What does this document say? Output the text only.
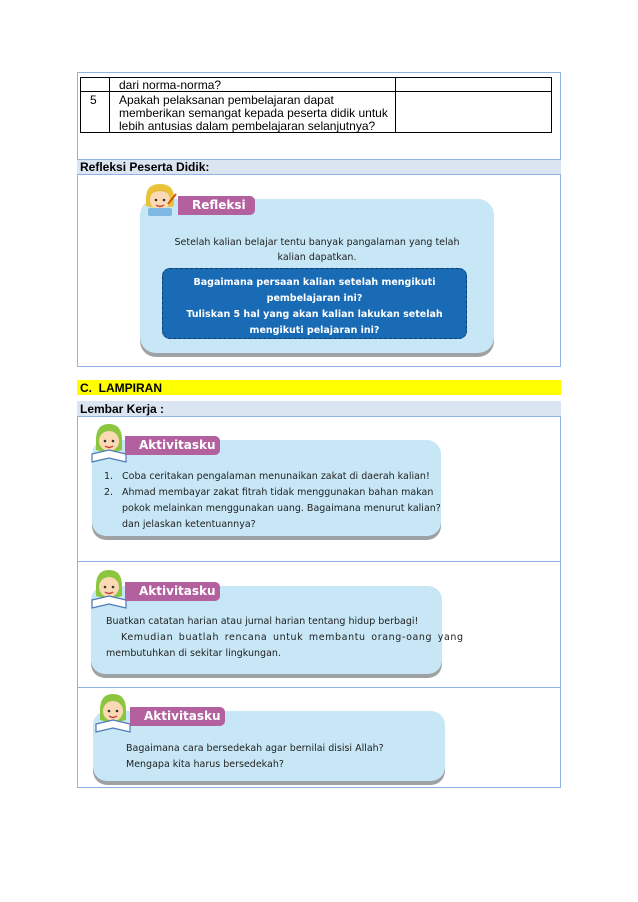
dari norma-norma?
5 Apakah pelaksanan pembelajaran dapat
memberikan semangat kepada peserta didik untuk
lebih antusias dalam pembelajaran selanjutnya?
Refleksi Peserta Didik:
Refleksi
Setelah kalian belajar tentu banyak pangalaman yang telah
kalian dapatkan.
Bagaimana persaan kalian setelah mengikuti
pembelajaran ini?
Tuliskan 5 hal yang akan kalian lakukan setelah
mengikuti pelajaran ini?
C.  LAMPIRAN
Lembar Kerja :
Aktivitasku
1. Coba ceritakan pengalaman menunaikan zakat di daerah kalian!
2. Ahmad membayar zakat fitrah tidak menggunakan bahan makan
pokok melainkan menggunakan uang. Bagaimana menurut kalian?
dan jelaskan ketentuannya?
Aktivitasku
Buatkan catatan harian atau jurnal harian tentang hidup berbagi!
Kemudian buatlah rencana untuk membantu orang-oang yang
membutuhkan di sekitar lingkungan.
Aktivitasku
Bagaimana cara bersedekah agar bernilai disisi Allah?
Mengapa kita harus bersedekah?
